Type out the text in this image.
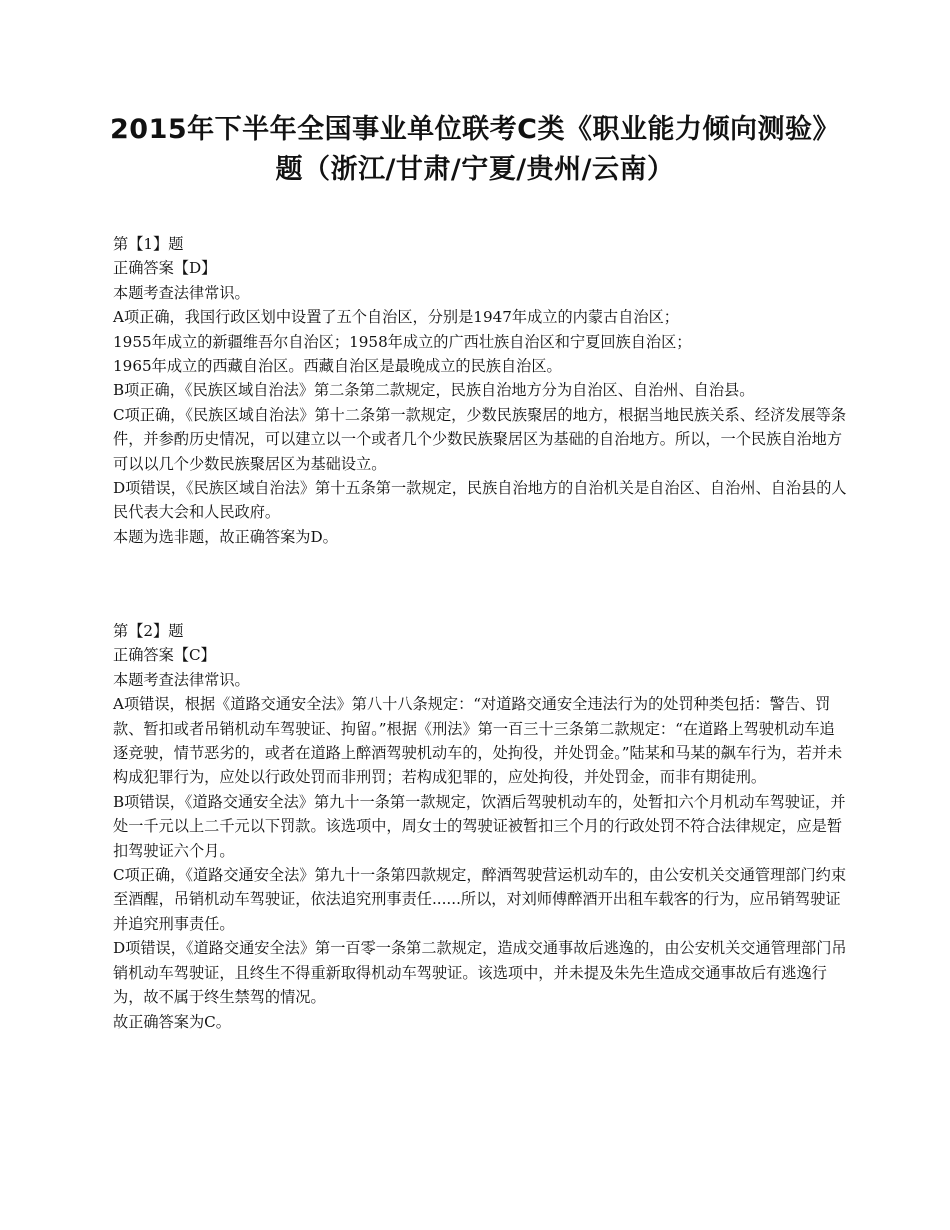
2015年下半年全国事业单位联考C类《职业能力倾向测验》
题（浙江/甘肃/宁夏/贵州/云南）

第【1】题

正确答案【D】

本题考查法律常识。

A项正确，我国行政区划中设置了五个自治区，分别是1947年成立的内蒙古自治区；

1955年成立的新疆维吾尔自治区；1958年成立的广西壮族自治区和宁夏回族自治区；

1965年成立的西藏自治区。西藏自治区是最晚成立的民族自治区。

B项正确，《民族区域自治法》第二条第二款规定，民族自治地方分为自治区、自治州、自治县。

C项正确，《民族区域自治法》第十二条第一款规定，少数民族聚居的地方，根据当地民族关系、经济发展等条件，并参酌历史情况，可以建立以一个或者几个少数民族聚居区为基础的自治地方。所以，一个民族自治地方可以以几个少数民族聚居区为基础设立。

D项错误，《民族区域自治法》第十五条第一款规定，民族自治地方的自治机关是自治区、自治州、自治县的人民代表大会和人民政府。

本题为选非题，故正确答案为D。

第【2】题

正确答案【C】

本题考查法律常识。

A项错误，根据《道路交通安全法》第八十八条规定：“对道路交通安全违法行为的处罚种类包括：警告、罚款、暂扣或者吊销机动车驾驶证、拘留。”根据《刑法》第一百三十三条第二款规定：“在道路上驾驶机动车追逐竞驶，情节恶劣的，或者在道路上醉酒驾驶机动车的，处拘役，并处罚金。”陆某和马某的飙车行为，若并未构成犯罪行为，应处以行政处罚而非刑罚；若构成犯罪的，应处拘役，并处罚金，而非有期徒刑。

B项错误，《道路交通安全法》第九十一条第一款规定，饮酒后驾驶机动车的，处暂扣六个月机动车驾驶证，并处一千元以上二千元以下罚款。该选项中，周女士的驾驶证被暂扣三个月的行政处罚不符合法律规定，应是暂扣驾驶证六个月。

C项正确，《道路交通安全法》第九十一条第四款规定，醉酒驾驶营运机动车的，由公安机关交通管理部门约束至酒醒，吊销机动车驾驶证，依法追究刑事责任......所以，对刘师傅醉酒开出租车载客的行为，应吊销驾驶证并追究刑事责任。

D项错误，《道路交通安全法》第一百零一条第二款规定，造成交通事故后逃逸的，由公安机关交通管理部门吊销机动车驾驶证，且终生不得重新取得机动车驾驶证。该选项中，并未提及朱先生造成交通事故后有逃逸行为，故不属于终生禁驾的情况。

故正确答案为C。
